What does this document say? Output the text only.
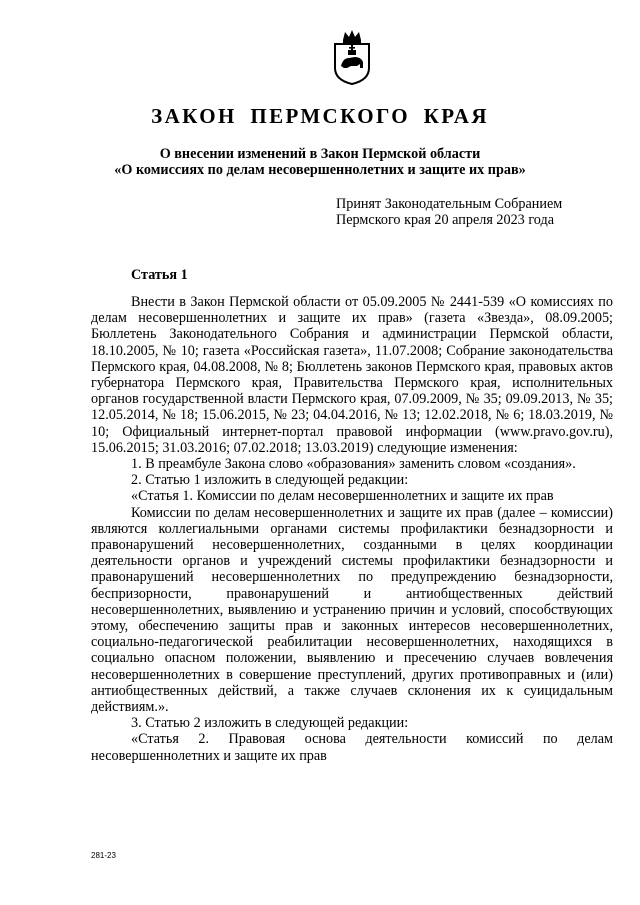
ЗАКОН ПЕРМСКОГО КРАЯ
О внесении изменений в Закон Пермской области
«О комиссиях по делам несовершеннолетних и защите их прав»
Принят Законодательным Собранием
Пермского края 20 апреля 2023 года
Статья 1

Внести в Закон Пермской области от 05.09.2005 № 2441-539 «О комиссиях по делам несовершеннолетних и защите их прав» (газета «Звезда», 08.09.2005; Бюллетень Законодательного Собрания и администрации Пермской области, 18.10.2005, № 10; газета «Российская газета», 11.07.2008; Собрание законодательства Пермского края, 04.08.2008, № 8; Бюллетень законов Пермского края, правовых актов губернатора Пермского края, Правительства Пермского края, исполнительных органов государственной власти Пермского края, 07.09.2009, № 35; 09.09.2013, № 35; 12.05.2014, № 18; 15.06.2015, № 23; 04.04.2016, № 13; 12.02.2018, № 6; 18.03.2019, № 10; Официальный интернет-портал правовой информации (www.pravo.gov.ru), 15.06.2015; 31.03.2016; 07.02.2018; 13.03.2019) следующие изменения:

1. В преамбуле Закона слово «образования» заменить словом «создания».

2. Статью 1 изложить в следующей редакции:

«Статья 1. Комиссии по делам несовершеннолетних и защите их прав

Комиссии по делам несовершеннолетних и защите их прав (далее – комиссии) являются коллегиальными органами системы профилактики безнадзорности и правонарушений несовершеннолетних, созданными в целях координации деятельности органов и учреждений системы профилактики безнадзорности и правонарушений несовершеннолетних по предупреждению безнадзорности, беспризорности, правонарушений и антиобщественных действий несовершеннолетних, выявлению и устранению причин и условий, способствующих этому, обеспечению защиты прав и законных интересов несовершеннолетних, социально-педагогической реабилитации несовершеннолетних, находящихся в социально опасном положении, выявлению и пресечению случаев вовлечения несовершеннолетних в совершение преступлений, других противоправных и (или) антиобщественных действий, а также случаев склонения их к суицидальным действиям.».

3. Статью 2 изложить в следующей редакции:

«Статья 2. Правовая основа деятельности комиссий по делам несовершеннолетних и защите их прав

281-23
